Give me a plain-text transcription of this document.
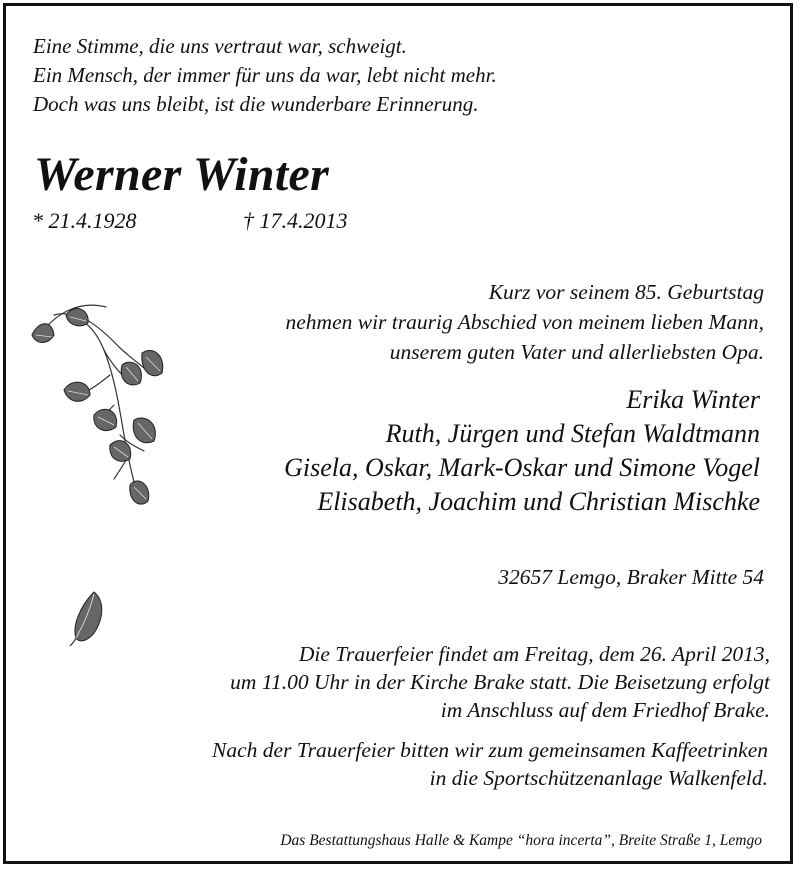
Eine Stimme, die uns vertraut war, schweigt.
Ein Mensch, der immer für uns da war, lebt nicht mehr.
Doch was uns bleibt, ist die wunderbare Erinnerung.
Werner Winter
* 21.4.1928	† 17.4.2013
Kurz vor seinem 85. Geburtstag
nehmen wir traurig Abschied von meinem lieben Mann,
unserem guten Vater und allerliebsten Opa.
Erika Winter
Ruth, Jürgen und Stefan Waldtmann
Gisela, Oskar, Mark-Oskar und Simone Vogel
Elisabeth, Joachim und Christian Mischke
32657 Lemgo, Braker Mitte 54
Die Trauerfeier findet am Freitag, dem 26. April 2013,
um 11.00 Uhr in der Kirche Brake statt. Die Beisetzung erfolgt
im Anschluss auf dem Friedhof Brake.
Nach der Trauerfeier bitten wir zum gemeinsamen Kaffeetrinken
in die Sportschützenanlage Walkenfeld.
Das Bestattungshaus Halle & Kampe “hora incerta”, Breite Straße 1, Lemgo
